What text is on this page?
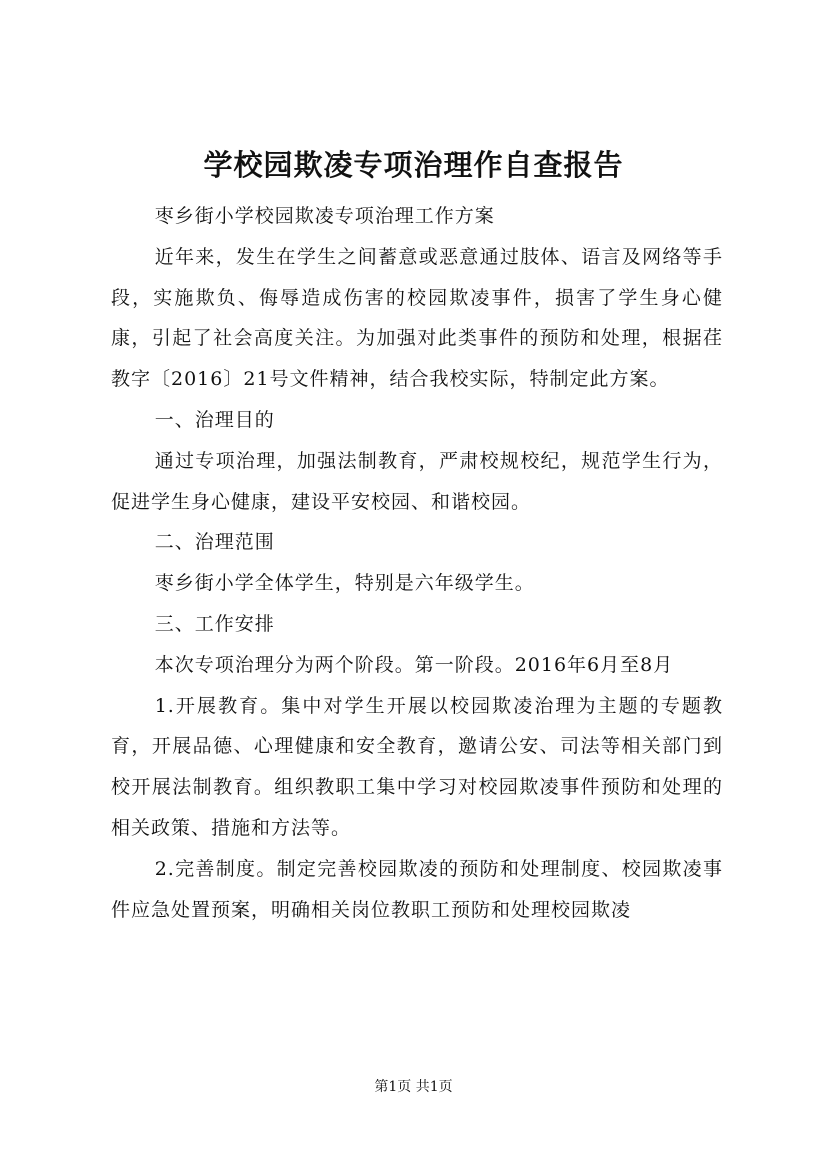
学校园欺凌专项治理作自查报告

枣乡街小学校园欺凌专项治理工作方案

近年来，发生在学生之间蓄意或恶意通过肢体、语言及网络等手段，实施欺负、侮辱造成伤害的校园欺凌事件，损害了学生身心健康，引起了社会高度关注。为加强对此类事件的预防和处理，根据荏教字〔2016〕21号文件精神，结合我校实际，特制定此方案。

一、治理目的

通过专项治理，加强法制教育，严肃校规校纪，规范学生行为，促进学生身心健康，建设平安校园、和谐校园。

二、治理范围

枣乡街小学全体学生，特别是六年级学生。

三、工作安排

本次专项治理分为两个阶段。第一阶段。2016年6月至8月

1.开展教育。集中对学生开展以校园欺凌治理为主题的专题教育，开展品德、心理健康和安全教育，邀请公安、司法等相关部门到校开展法制教育。组织教职工集中学习对校园欺凌事件预防和处理的相关政策、措施和方法等。

2.完善制度。制定完善校园欺凌的预防和处理制度、校园欺凌事件应急处置预案，明确相关岗位教职工预防和处理校园欺凌

第1页 共1页
